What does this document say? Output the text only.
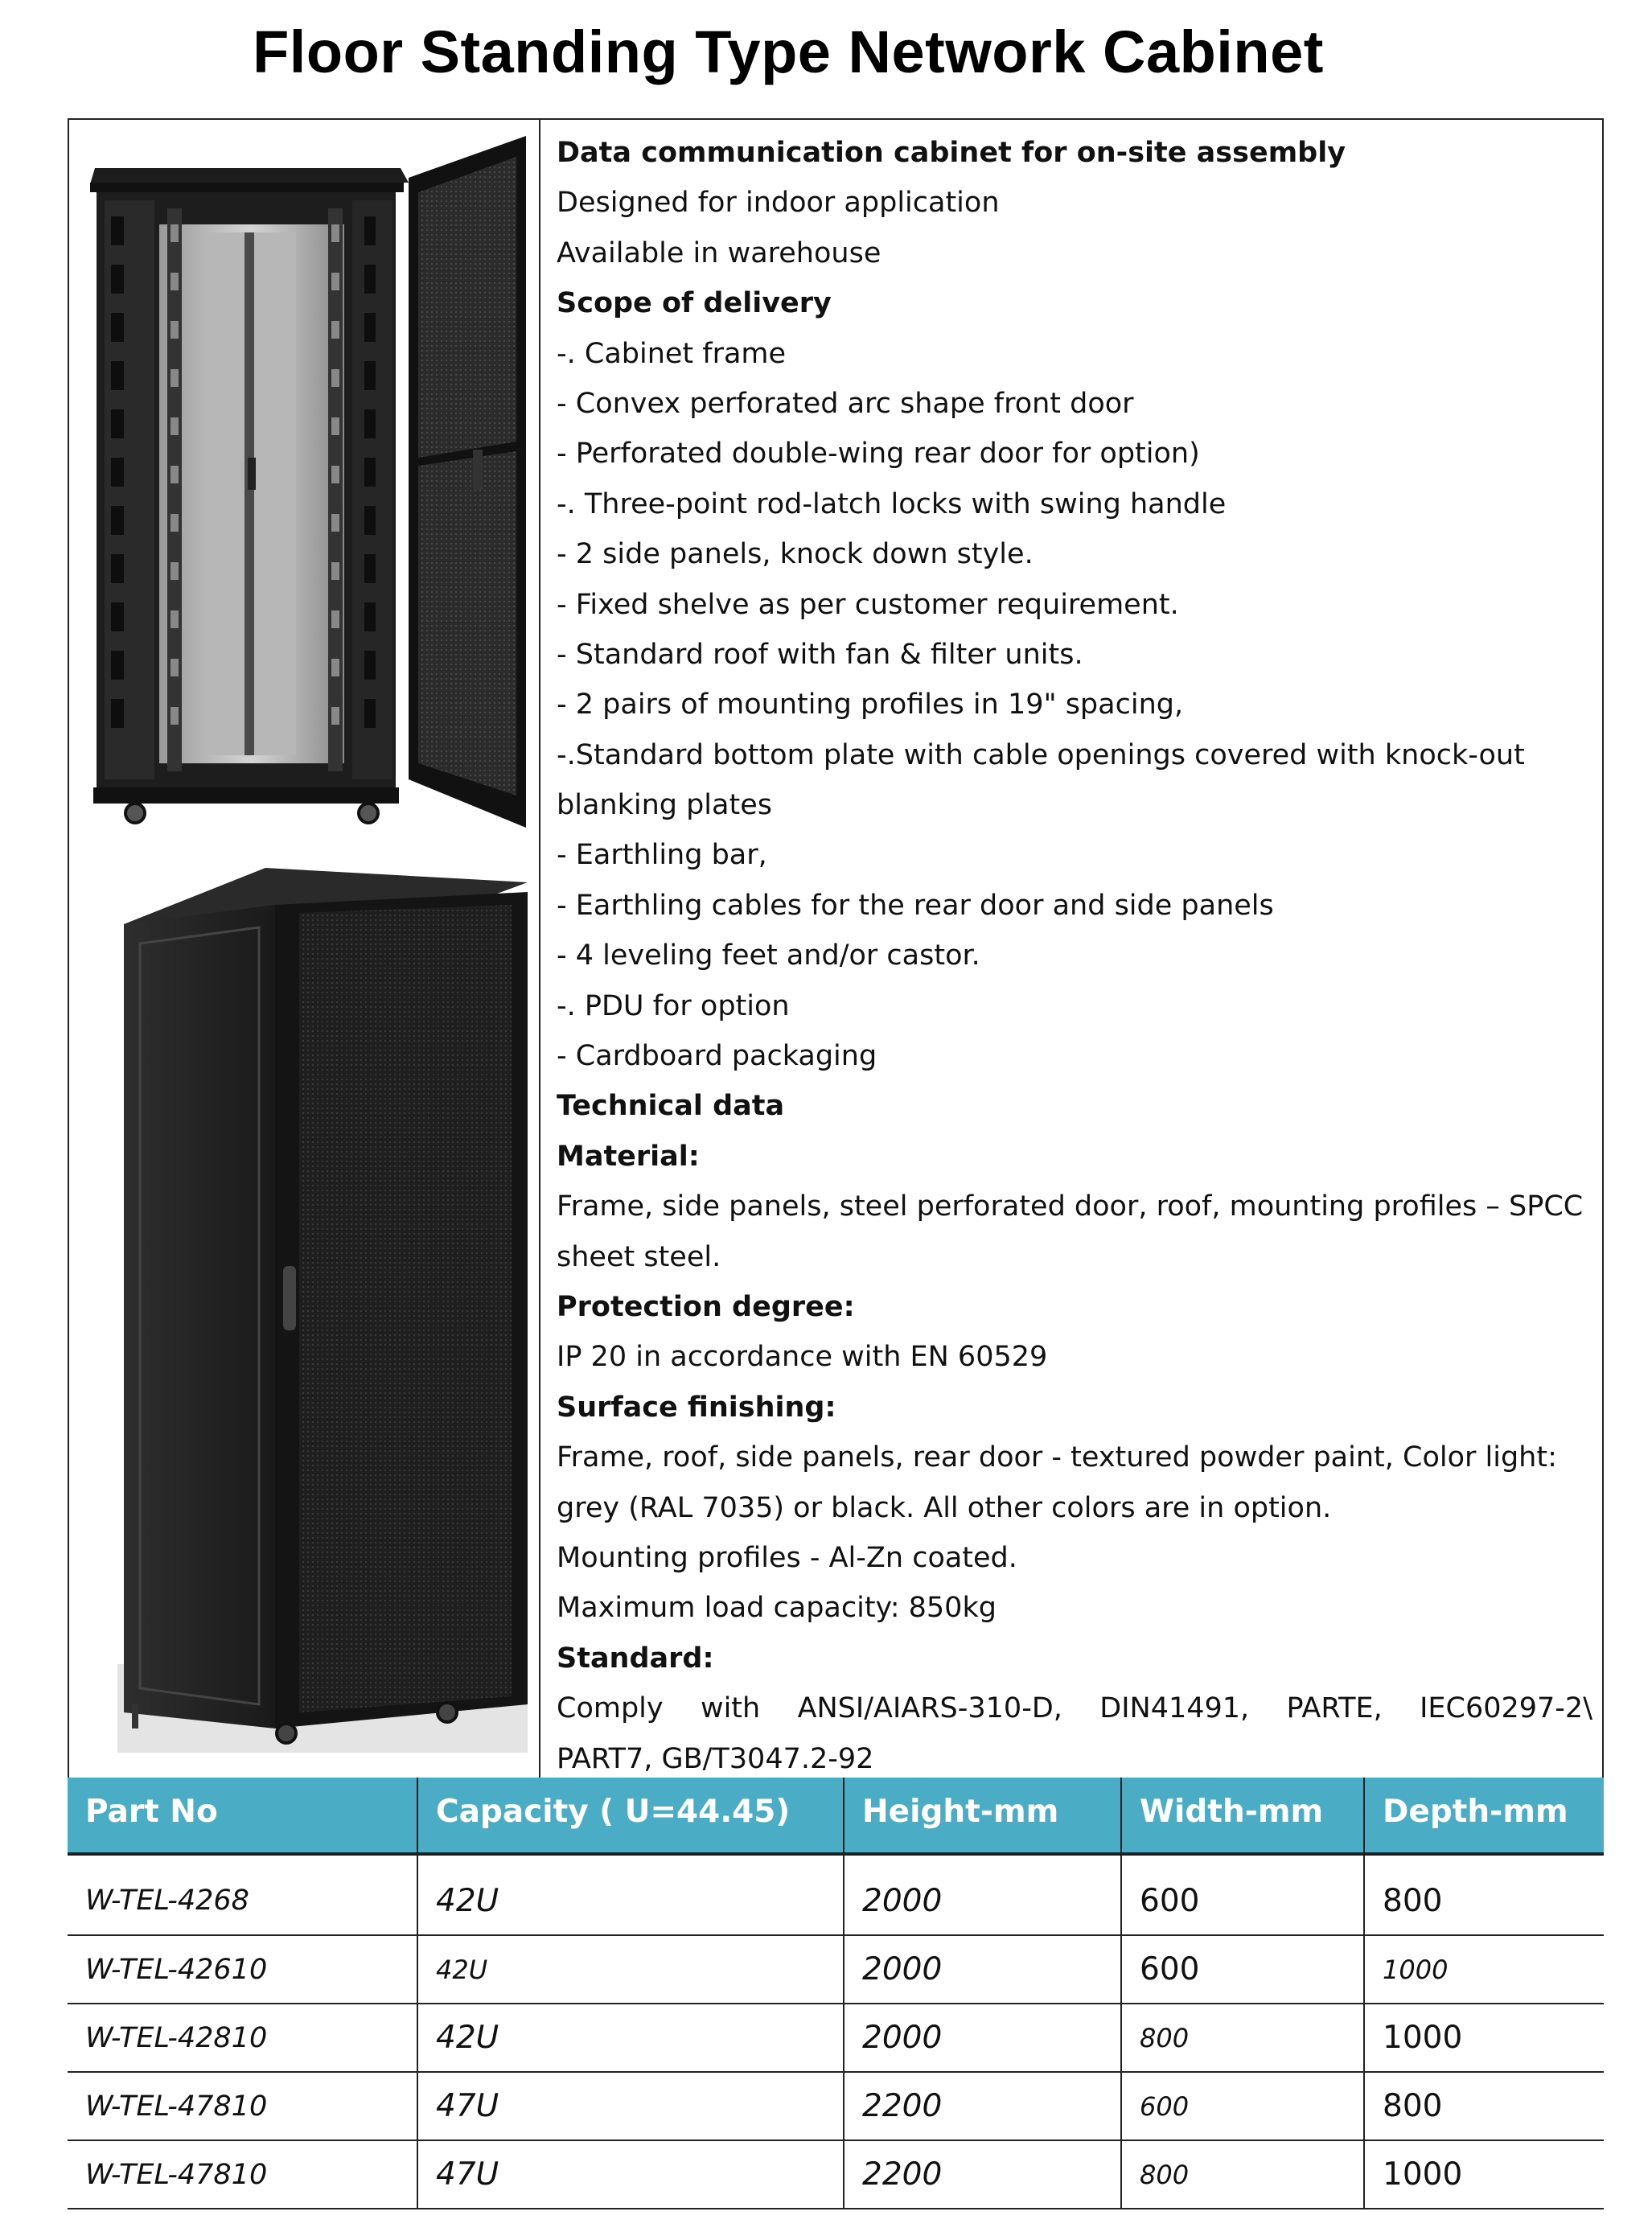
Floor Standing Type Network Cabinet
Data communication cabinet for on-site assembly
Designed for indoor application
Available in warehouse
Scope of delivery
-. Cabinet frame
- Convex perforated arc shape front door
- Perforated double-wing rear door for option)
-. Three-point rod-latch locks with swing handle
- 2 side panels, knock down style.
- Fixed shelve as per customer requirement.
- Standard roof with fan & filter units.
- 2 pairs of mounting profiles in 19" spacing,
-.Standard bottom plate with cable openings covered with knock-out
blanking plates
- Earthling bar,
- Earthling cables for the rear door and side panels
- 4 leveling feet and/or castor.
-. PDU for option
- Cardboard packaging
Technical data
Material:
Frame, side panels, steel perforated door, roof, mounting profiles – SPCC
sheet steel.
Protection degree:
IP 20 in accordance with EN 60529
Surface finishing:
Frame, roof, side panels, rear door - textured powder paint, Color light:
grey (RAL 7035) or black. All other colors are in option.
Mounting profiles - Al-Zn coated.
Maximum load capacity: 850kg
Standard:
Comply with ANSI/AIARS-310-D, DIN41491, PARTE, IEC60297-2\
PART7, GB/T3047.2-92
Part No	Capacity ( U=44.45)	Height-mm	Width-mm	Depth-mm
W-TEL-4268	42U	2000	600	800
W-TEL-42610	42U	2000	600	1000
W-TEL-42810	42U	2000	800	1000
W-TEL-47810	47U	2200	600	800
W-TEL-47810	47U	2200	800	1000
